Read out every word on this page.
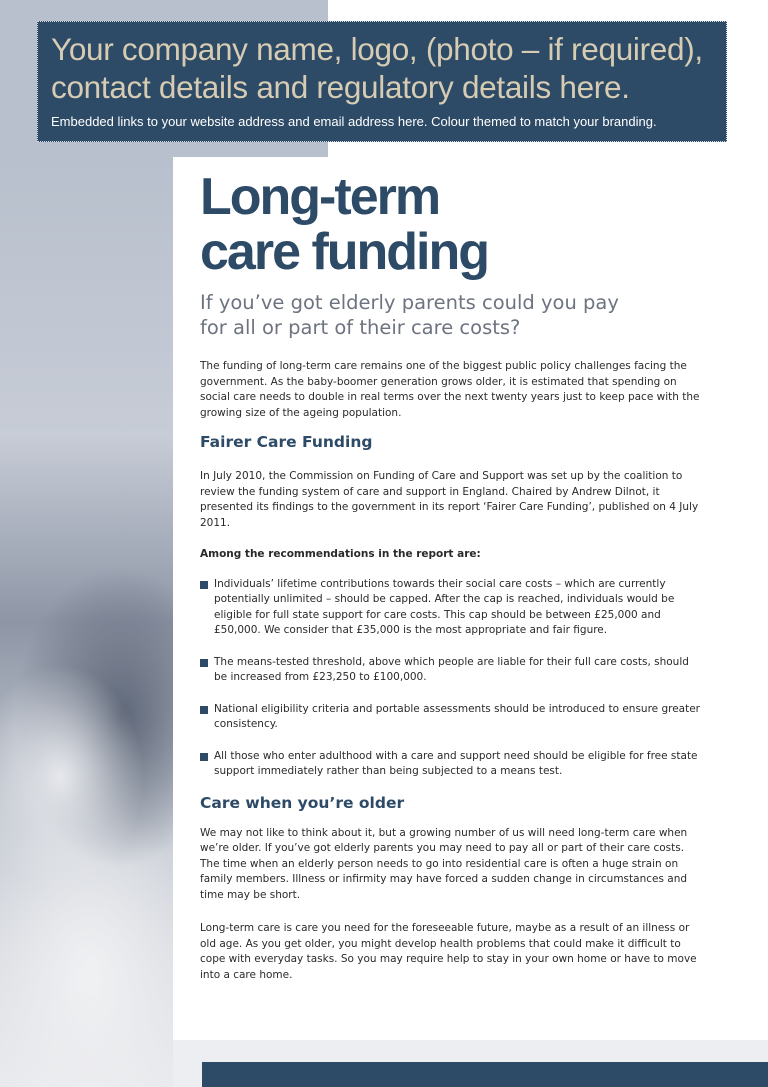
Your company name, logo, (photo – if required),
contact details and regulatory details here.
Embedded links to your website address and email address here. Colour themed to match your branding.
Long-term
care funding
If you’ve got elderly parents could you pay
for all or part of their care costs?

The funding of long-term care remains one of the biggest public policy challenges facing the government. As the baby-boomer generation grows older, it is estimated that spending on social care needs to double in real terms over the next twenty years just to keep pace with the growing size of the ageing population.

Fairer Care Funding

In July 2010, the Commission on Funding of Care and Support was set up by the coalition to review the funding system of care and support in England. Chaired by Andrew Dilnot, it presented its findings to the government in its report ‘Fairer Care Funding’, published on 4 July 2011.

Among the recommendations in the report are:

Individuals’ lifetime contributions towards their social care costs – which are currently potentially unlimited – should be capped. After the cap is reached, individuals would be eligible for full state support for care costs. This cap should be between £25,000 and £50,000. We consider that £35,000 is the most appropriate and fair figure.
The means-tested threshold, above which people are liable for their full care costs, should be increased from £23,250 to £100,000.
National eligibility criteria and portable assessments should be introduced to ensure greater consistency.
All those who enter adulthood with a care and support need should be eligible for free state support immediately rather than being subjected to a means test.
Care when you’re older

We may not like to think about it, but a growing number of us will need long-term care when we’re older. If you’ve got elderly parents you may need to pay all or part of their care costs. The time when an elderly person needs to go into residential care is often a huge strain on family members. Illness or infirmity may have forced a sudden change in circumstances and time may be short.

Long-term care is care you need for the foreseeable future, maybe as a result of an illness or old age. As you get older, you might develop health problems that could make it difficult to cope with everyday tasks. So you may require help to stay in your own home or have to move into a care home.
